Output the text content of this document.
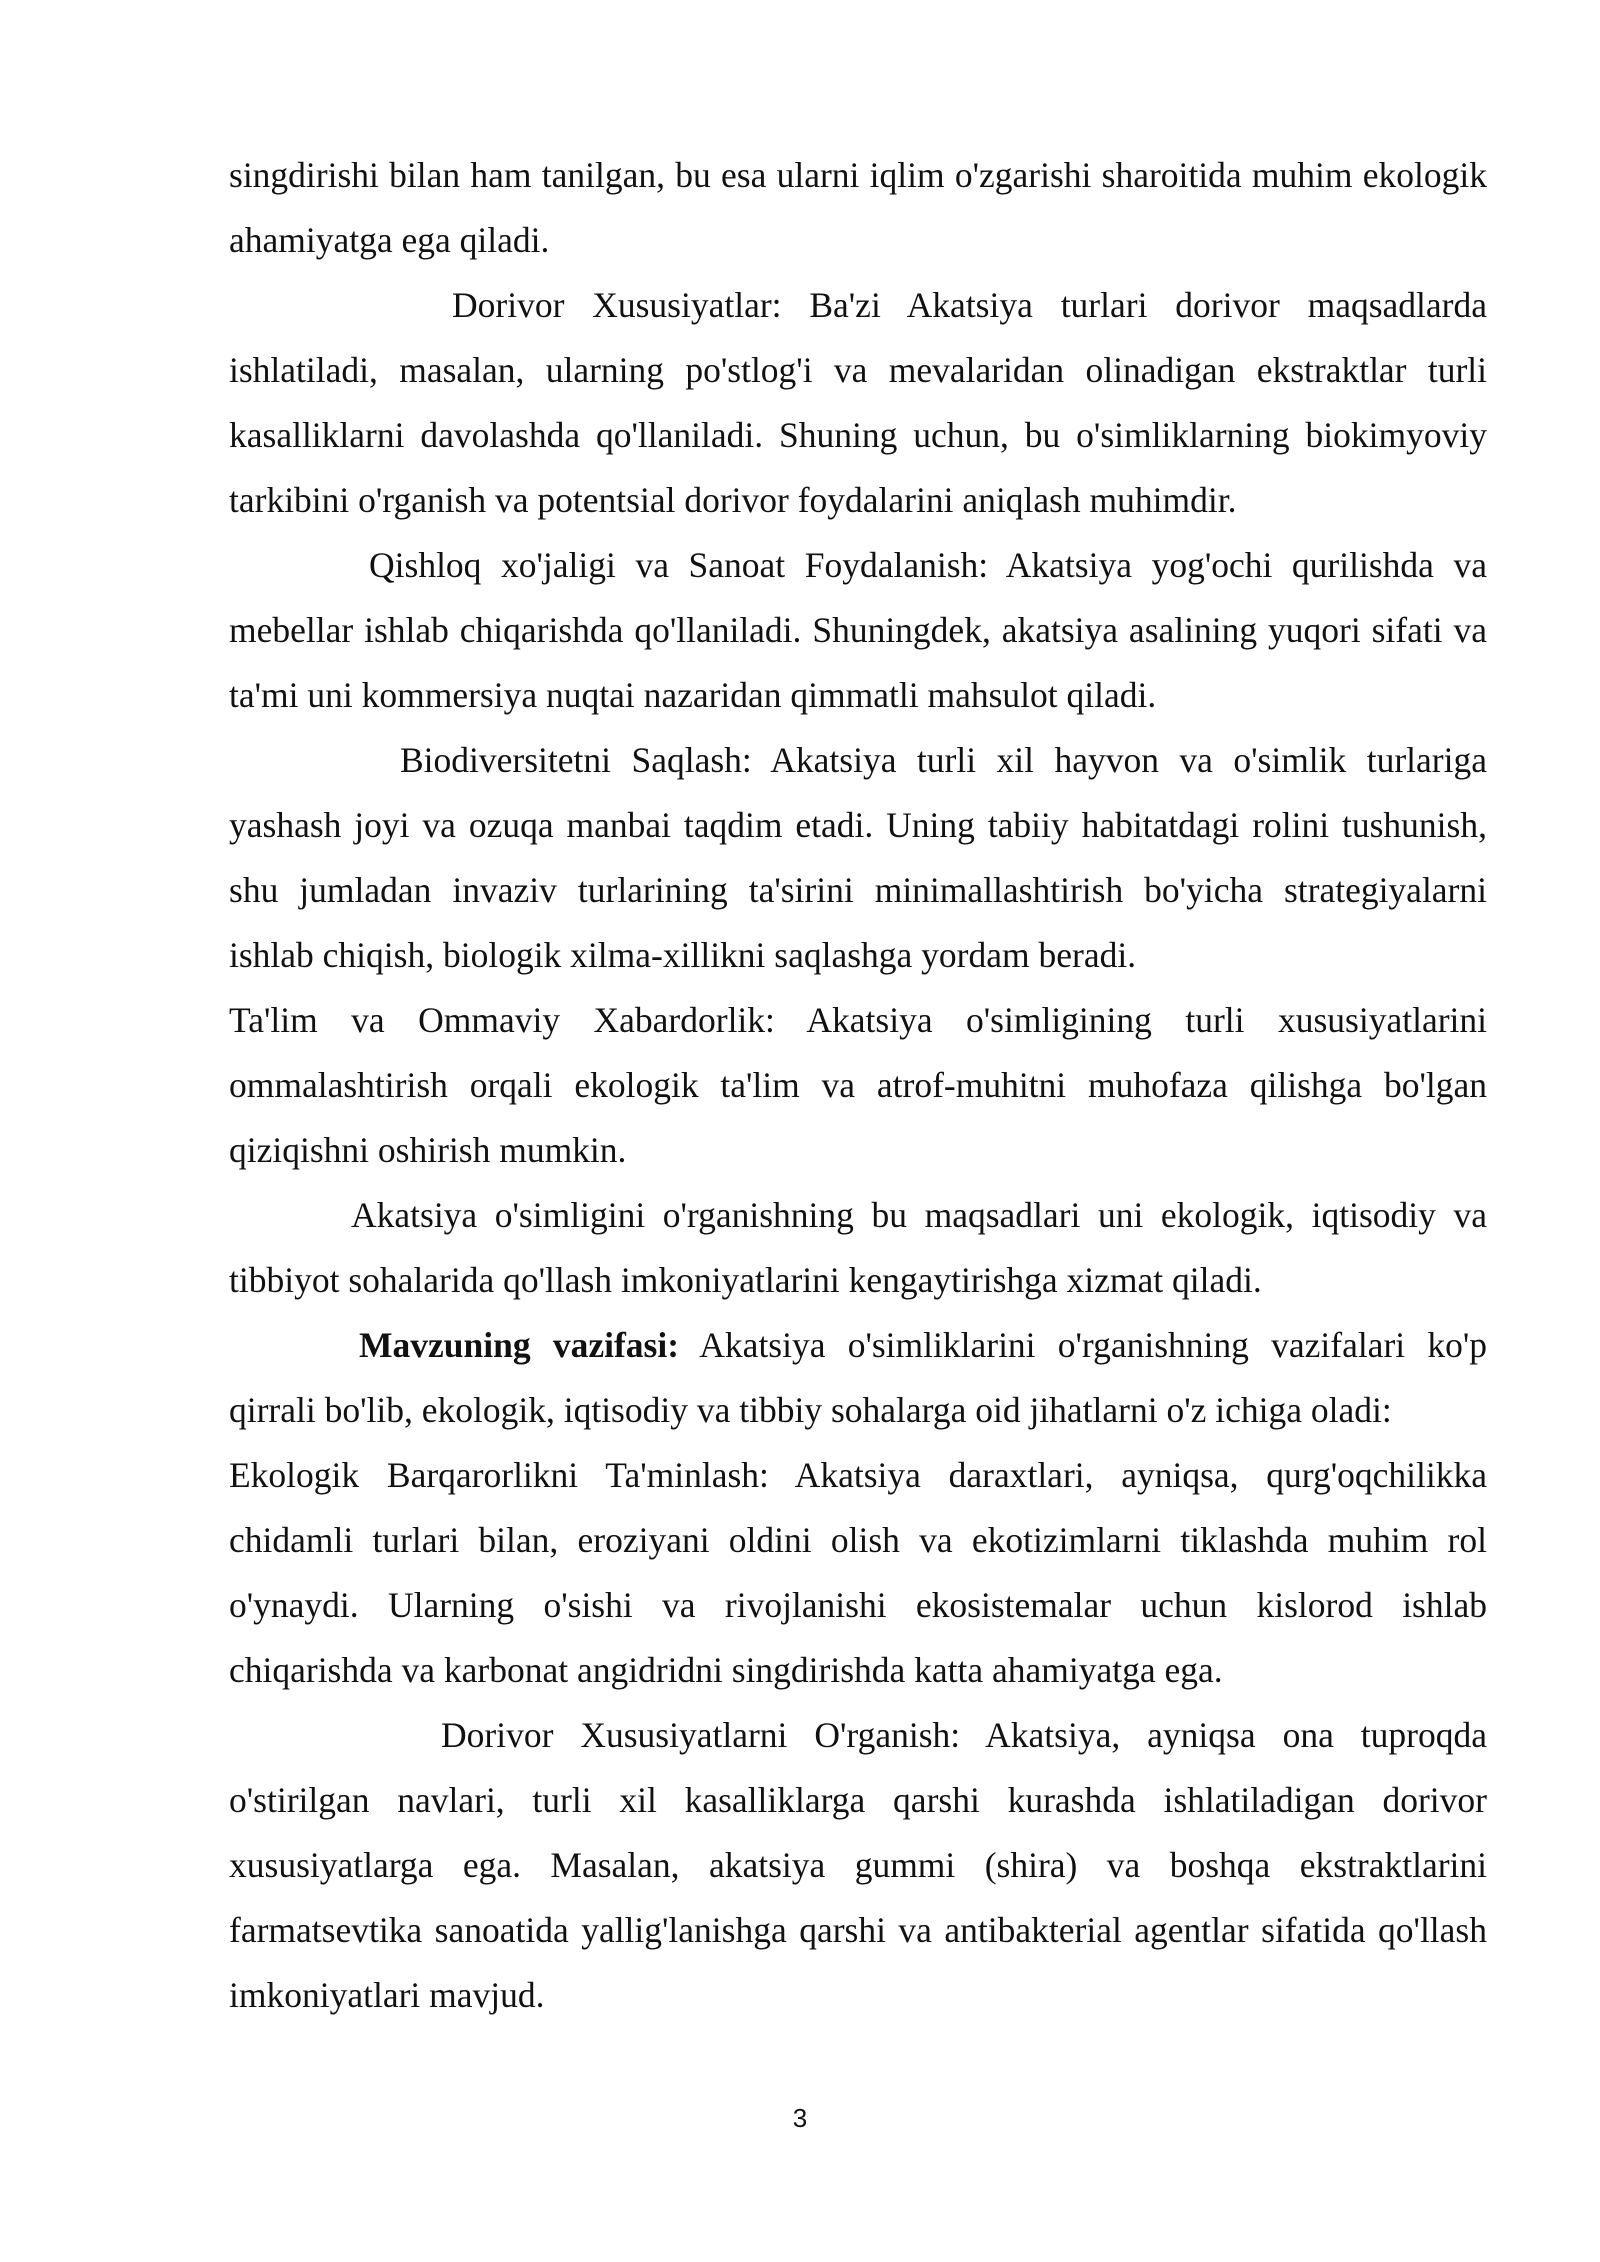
singdirishi bilan ham tanilgan, bu esa ularni iqlim o'zgarishi sharoitida muhim ekologik ahamiyatga ega qiladi.

Dorivor Xususiyatlar: Ba'zi Akatsiya turlari dorivor maqsadlarda ishlatiladi, masalan, ularning po'stlog'i va mevalaridan olinadigan ekstraktlar turli kasalliklarni davolashda qo'llaniladi. Shuning uchun, bu o'simliklarning biokimyoviy tarkibini o'rganish va potentsial dorivor foydalarini aniqlash muhimdir.

Qishloq xo'jaligi va Sanoat Foydalanish: Akatsiya yog'ochi qurilishda va mebellar ishlab chiqarishda qo'llaniladi. Shuningdek, akatsiya asalining yuqori sifati va ta'mi uni kommersiya nuqtai nazaridan qimmatli mahsulot qiladi.

Biodiversitetni Saqlash: Akatsiya turli xil hayvon va o'simlik turlariga yashash joyi va ozuqa manbai taqdim etadi. Uning tabiiy habitatdagi rolini tushunish, shu jumladan invaziv turlarining ta'sirini minimallashtirish bo'yicha strategiyalarni ishlab chiqish, biologik xilma-xillikni saqlashga yordam beradi.

Ta'lim va Ommaviy Xabardorlik: Akatsiya o'simligining turli xususiyatlarini ommalashtirish orqali ekologik ta'lim va atrof-muhitni muhofaza qilishga bo'lgan qiziqishni oshirish mumkin.

Akatsiya o'simligini o'rganishning bu maqsadlari uni ekologik, iqtisodiy va tibbiyot sohalarida qo'llash imkoniyatlarini kengaytirishga xizmat qiladi.

Mavzuning vazifasi: Akatsiya o'simliklarini o'rganishning vazifalari ko'p qirrali bo'lib, ekologik, iqtisodiy va tibbiy sohalarga oid jihatlarni o'z ichiga oladi:

Ekologik Barqarorlikni Ta'minlash: Akatsiya daraxtlari, ayniqsa, qurg'oqchilikka chidamli turlari bilan, eroziyani oldini olish va ekotizimlarni tiklashda muhim rol o'ynaydi. Ularning o'sishi va rivojlanishi ekosistemalar uchun kislorod ishlab chiqarishda va karbonat angidridni singdirishda katta ahamiyatga ega.

Dorivor Xususiyatlarni O'rganish: Akatsiya, ayniqsa ona tuproqda o'stirilgan navlari, turli xil kasalliklarga qarshi kurashda ishlatiladigan dorivor xususiyatlarga ega. Masalan, akatsiya gummi (shira) va boshqa ekstraktlarini farmatsevtika sanoatida yallig'lanishga qarshi va antibakterial agentlar sifatida qo'llash imkoniyatlari mavjud.

3
